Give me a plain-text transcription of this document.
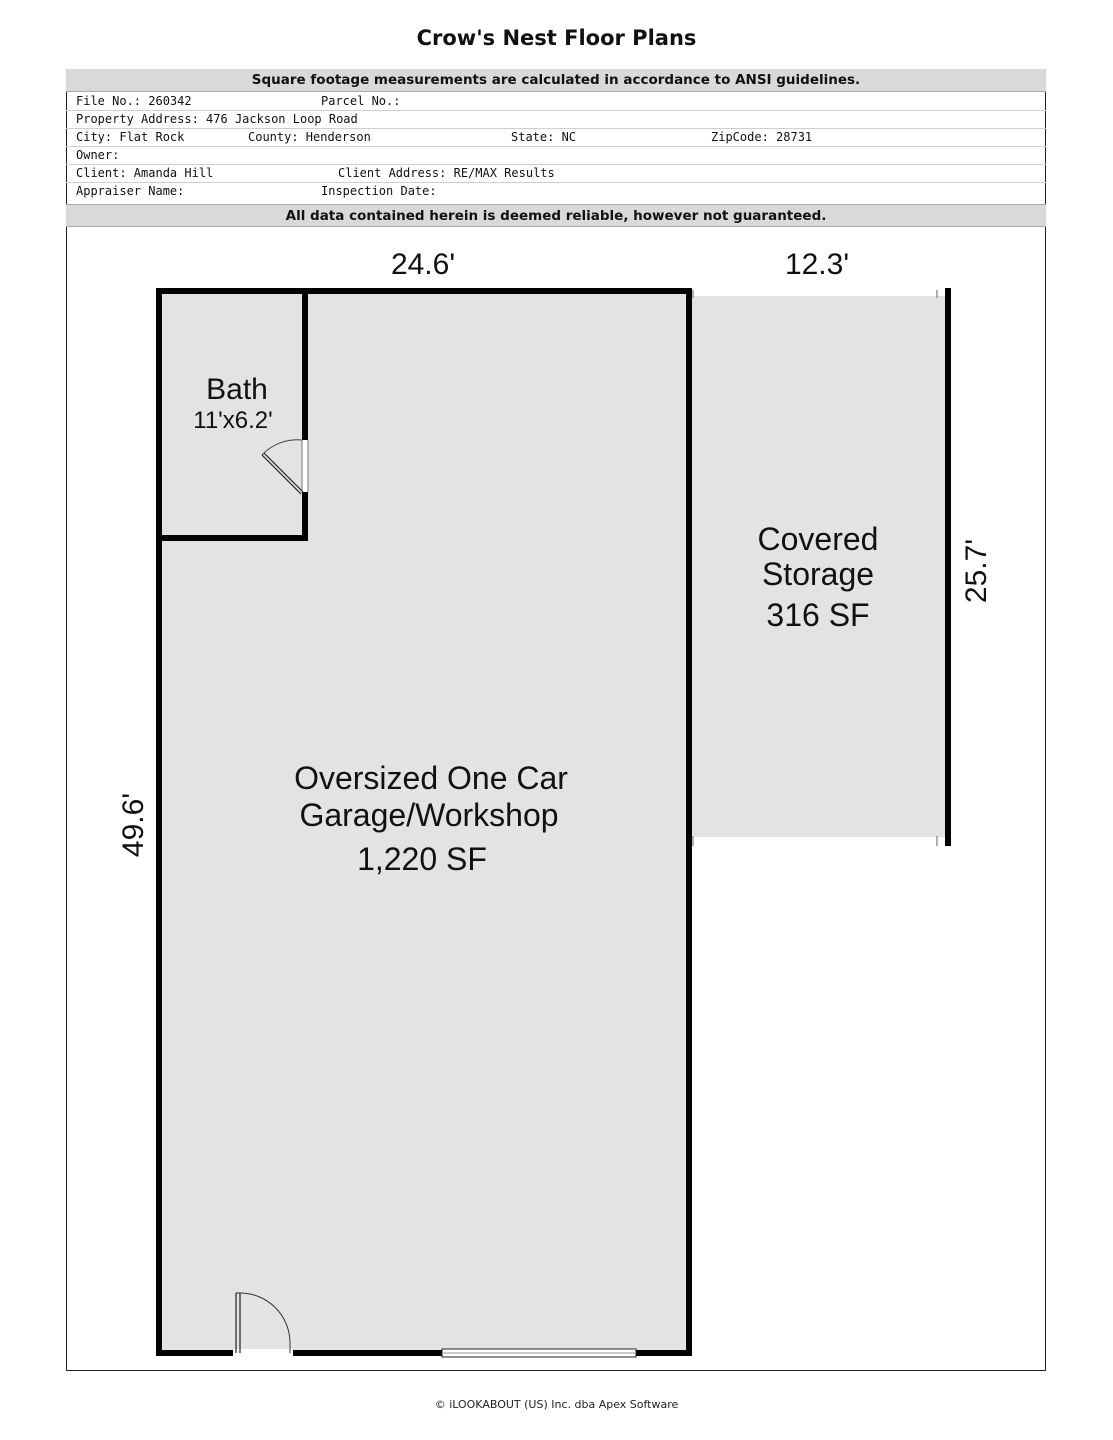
Crow's Nest Floor Plans
Square footage measurements are calculated in accordance to ANSI guidelines.
File No.: 260342	Parcel No.:
Property Address: 476 Jackson Loop Road
City: Flat Rock	County: Henderson	State: NC	ZipCode: 28731
Owner:
Client: Amanda Hill	Client Address: RE/MAX Results
Appraiser Name:	Inspection Date:
All data contained herein is deemed reliable, however not guaranteed.
24.6'	12.3'
49.6'
25.7'
Bath
11'x6.2'
Covered
Storage
316 SF
Oversized One Car
Garage/Workshop
1,220 SF
© iLOOKABOUT (US) Inc. dba Apex Software
